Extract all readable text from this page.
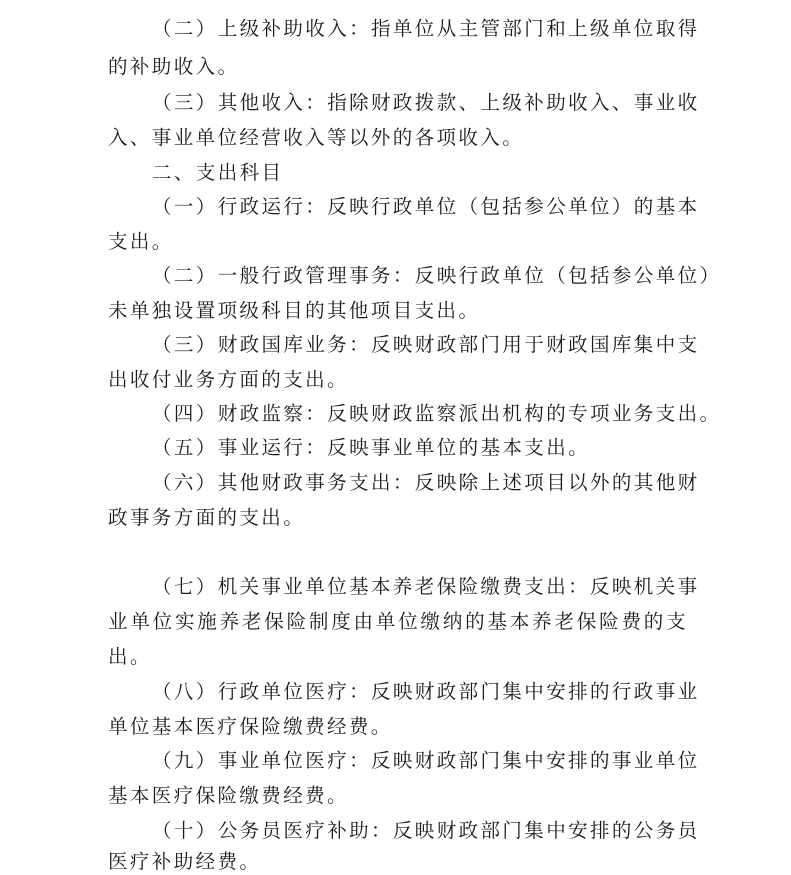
（二）上级补助收入：指单位从主管部门和上级单位取得
的补助收入。
（三）其他收入：指除财政拨款、上级补助收入、事业收
入、事业单位经营收入等以外的各项收入。
二、支出科目
（一）行政运行：反映行政单位（包括参公单位）的基本
支出。
（二）一般行政管理事务：反映行政单位（包括参公单位）
未单独设置项级科目的其他项目支出。
（三）财政国库业务：反映财政部门用于财政国库集中支
出收付业务方面的支出。
（四）财政监察：反映财政监察派出机构的专项业务支出。
（五）事业运行：反映事业单位的基本支出。
（六）其他财政事务支出：反映除上述项目以外的其他财
政事务方面的支出。
（七）机关事业单位基本养老保险缴费支出：反映机关事
业单位实施养老保险制度由单位缴纳的基本养老保险费的支
出。
（八）行政单位医疗：反映财政部门集中安排的行政事业
单位基本医疗保险缴费经费。
（九）事业单位医疗：反映财政部门集中安排的事业单位
基本医疗保险缴费经费。
（十）公务员医疗补助：反映财政部门集中安排的公务员
医疗补助经费。
